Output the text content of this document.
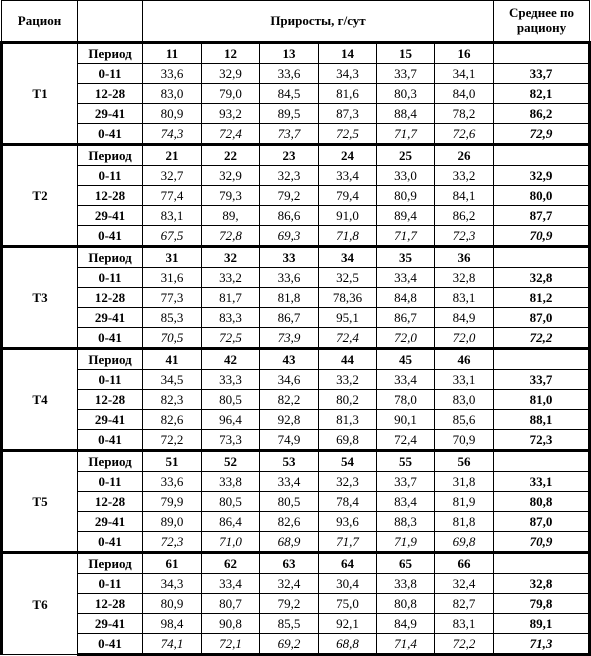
Рацион		Приросты, г/сут						Среднее по рациону
Т1	Период	11	12	13	14	15	16	
	0-11	33,6	32,9	33,6	34,3	33,7	34,1	33,7
	12-28	83,0	79,0	84,5	81,6	80,3	84,0	82,1
	29-41	80,9	93,2	89,5	87,3	88,4	78,2	86,2
	0-41	74,3	72,4	73,7	72,5	71,7	72,6	72,9
Т2	Период	21	22	23	24	25	26	
	0-11	32,7	32,9	32,3	33,4	33,0	33,2	32,9
	12-28	77,4	79,3	79,2	79,4	80,9	84,1	80,0
	29-41	83,1	89,	86,6	91,0	89,4	86,2	87,7
	0-41	67,5	72,8	69,3	71,8	71,7	72,3	70,9
Т3	Период	31	32	33	34	35	36	
	0-11	31,6	33,2	33,6	32,5	33,4	32,8	32,8
	12-28	77,3	81,7	81,8	78,36	84,8	83,1	81,2
	29-41	85,3	83,3	86,7	95,1	86,7	84,9	87,0
	0-41	70,5	72,5	73,9	72,4	72,0	72,0	72,2
Т4	Период	41	42	43	44	45	46	
	0-11	34,5	33,3	34,6	33,2	33,4	33,1	33,7
	12-28	82,3	80,5	82,2	80,2	78,0	83,0	81,0
	29-41	82,6	96,4	92,8	81,3	90,1	85,6	88,1
	0-41	72,2	73,3	74,9	69,8	72,4	70,9	72,3
Т5	Период	51	52	53	54	55	56	
	0-11	33,6	33,8	33,4	32,3	33,7	31,8	33,1
	12-28	79,9	80,5	80,5	78,4	83,4	81,9	80,8
	29-41	89,0	86,4	82,6	93,6	88,3	81,8	87,0
	0-41	72,3	71,0	68,9	71,7	71,9	69,8	70,9
Т6	Период	61	62	63	64	65	66	
	0-11	34,3	33,4	32,4	30,4	33,8	32,4	32,8
	12-28	80,9	80,7	79,2	75,0	80,8	82,7	79,8
	29-41	98,4	90,8	85,5	92,1	84,9	83,1	89,1
	0-41	74,1	72,1	69,2	68,8	71,4	72,2	71,3
